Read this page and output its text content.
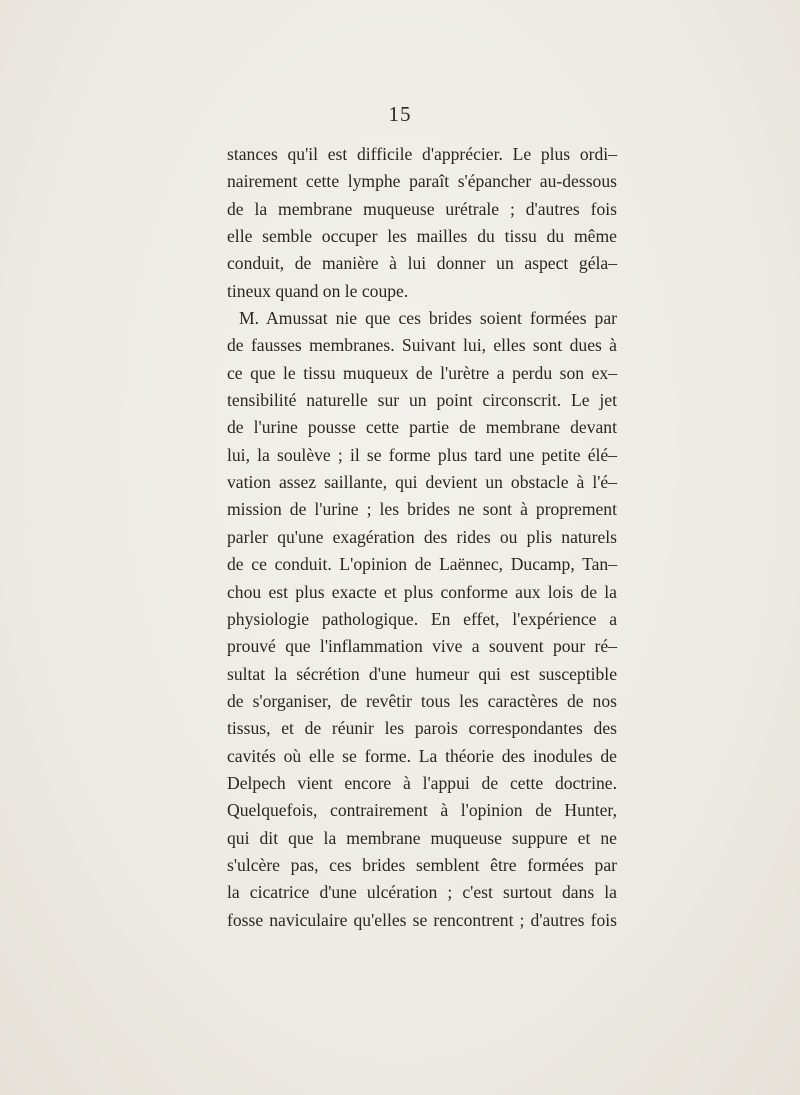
15
stances qu'il est difficile d'apprécier. Le plus ordi–
nairement cette lymphe paraît s'épancher au-dessous
de la membrane muqueuse urétrale ; d'autres fois
elle semble occuper les mailles du tissu du même
conduit, de manière à lui donner un aspect géla–
tineux quand on le coupe.
M. Amussat nie que ces brides soient formées par
de fausses membranes. Suivant lui, elles sont dues à
ce que le tissu muqueux de l'urètre a perdu son ex–
tensibilité naturelle sur un point circonscrit. Le jet
de l'urine pousse cette partie de membrane devant
lui, la soulève ; il se forme plus tard une petite élé–
vation assez saillante, qui devient un obstacle à l'é–
mission de l'urine ; les brides ne sont à proprement
parler qu'une exagération des rides ou plis naturels
de ce conduit. L'opinion de Laënnec, Ducamp, Tan–
chou est plus exacte et plus conforme aux lois de la
physiologie pathologique. En effet, l'expérience a
prouvé que l'inflammation vive a souvent pour ré–
sultat la sécrétion d'une humeur qui est susceptible
de s'organiser, de revêtir tous les caractères de nos
tissus, et de réunir les parois correspondantes des
cavités où elle se forme. La théorie des inodules de
Delpech vient encore à l'appui de cette doctrine.
Quelquefois, contrairement à l'opinion de Hunter,
qui dit que la membrane muqueuse suppure et ne
s'ulcère pas, ces brides semblent être formées par
la cicatrice d'une ulcération ; c'est surtout dans la
fosse naviculaire qu'elles se rencontrent ; d'autres fois
